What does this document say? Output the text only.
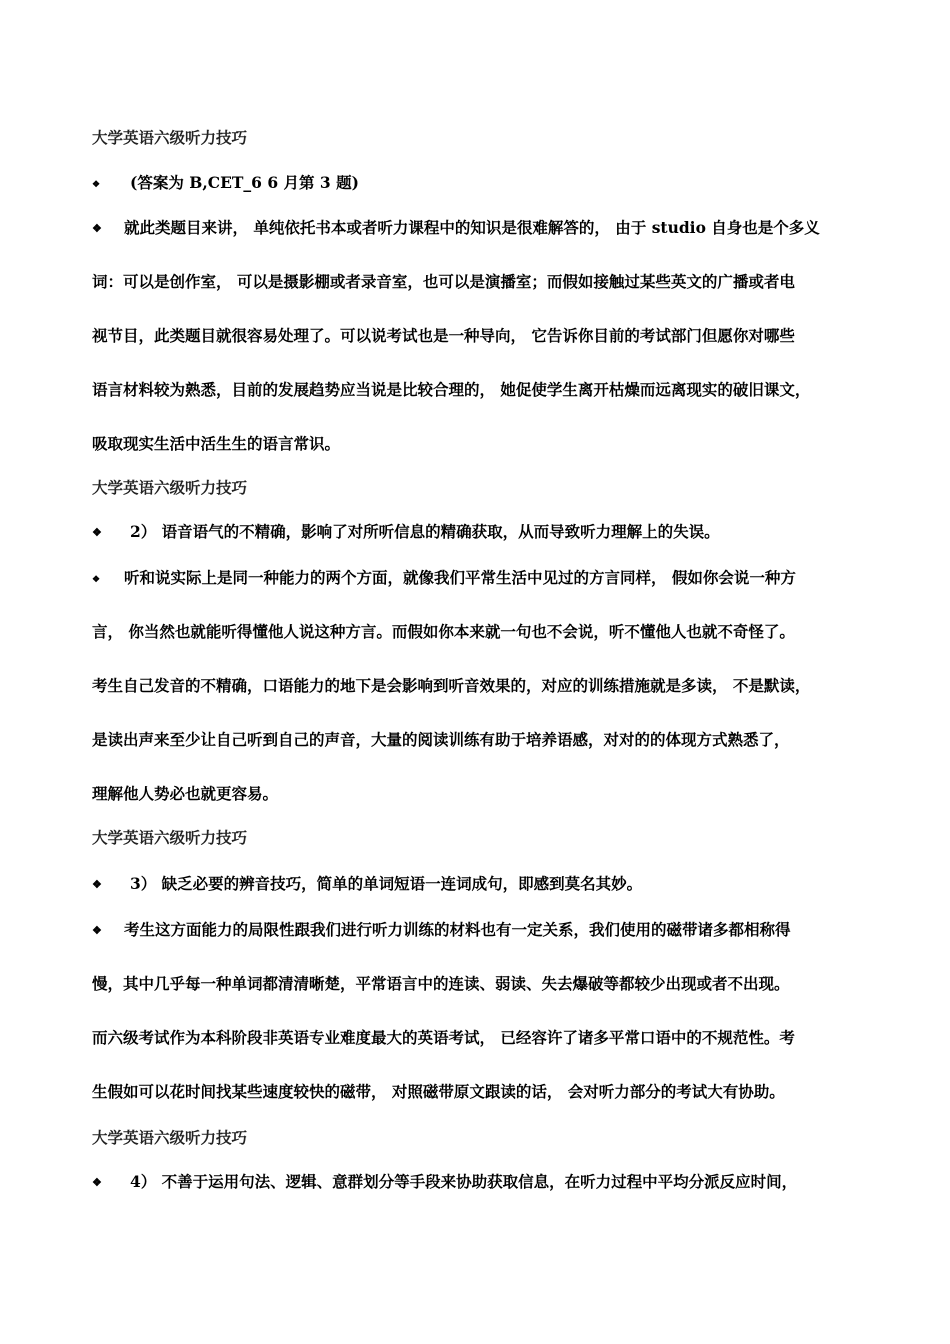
大学英语六级听力技巧
❖ (答案为 B,CET_6 6 月第 3 题)
❖ 就此类题目来讲， 单纯依托书本或者听力课程中的知识是很难解答的， 由于 studio 自身也是个多义
词：可以是创作室， 可以是摄影棚或者录音室，也可以是演播室；而假如接触过某些英文的广播或者电
视节目，此类题目就很容易处理了。可以说考试也是一种导向， 它告诉你目前的考试部门但愿你对哪些
语言材料较为熟悉，目前的发展趋势应当说是比较合理的， 她促使学生离开枯燥而远离现实的破旧课文，
吸取现实生活中活生生的语言常识。
大学英语六级听力技巧
❖ 2） 语音语气的不精确，影响了对所听信息的精确获取，从而导致听力理解上的失误。
❖ 听和说实际上是同一种能力的两个方面，就像我们平常生活中见过的方言同样， 假如你会说一种方
言， 你当然也就能听得懂他人说这种方言。而假如你本来就一句也不会说，听不懂他人也就不奇怪了。
考生自己发音的不精确，口语能力的地下是会影响到听音效果的，对应的训练措施就是多读， 不是默读，
是读出声来至少让自己听到自己的声音，大量的阅读训练有助于培养语感，对对的的体现方式熟悉了，
理解他人势必也就更容易。
大学英语六级听力技巧
❖ 3） 缺乏必要的辨音技巧，简单的单词短语一连词成句，即感到莫名其妙。
❖ 考生这方面能力的局限性跟我们进行听力训练的材料也有一定关系，我们使用的磁带诸多都相称得
慢，其中几乎每一种单词都清清晰楚，平常语言中的连读、弱读、失去爆破等都较少出现或者不出现。
而六级考试作为本科阶段非英语专业难度最大的英语考试， 已经容许了诸多平常口语中的不规范性。考
生假如可以花时间找某些速度较快的磁带， 对照磁带原文跟读的话， 会对听力部分的考试大有协助。
大学英语六级听力技巧
❖ 4） 不善于运用句法、逻辑、意群划分等手段来协助获取信息，在听力过程中平均分派反应时间，
